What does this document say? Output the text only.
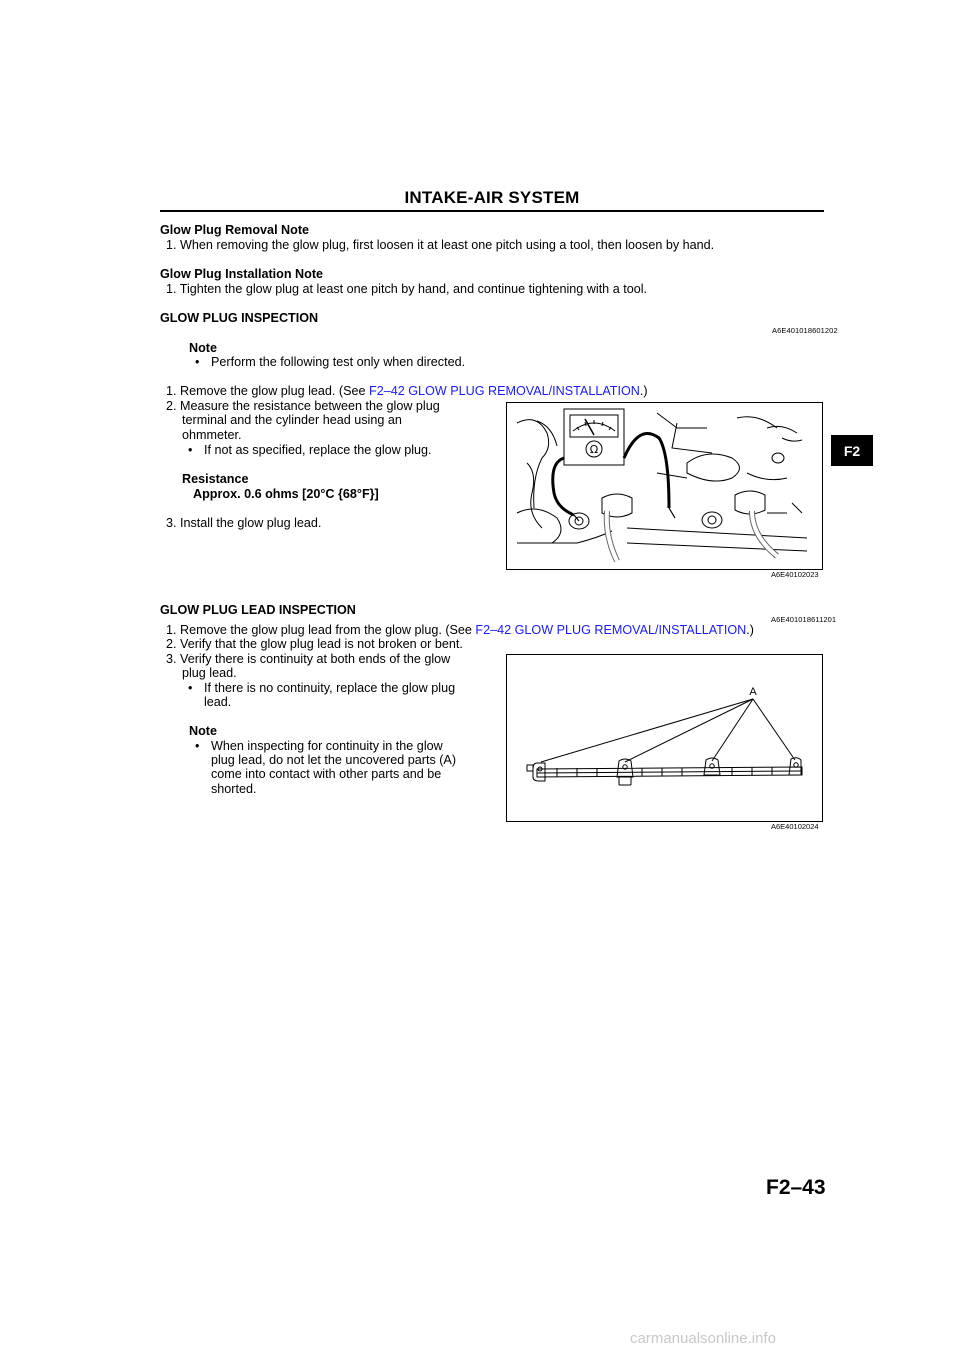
INTAKE-AIR SYSTEM
F2
Glow Plug Removal Note
1. When removing the glow plug, first loosen it at least one pitch using a tool, then loosen by hand.
Glow Plug Installation Note
1. Tighten the glow plug at least one pitch by hand, and continue tightening with a tool.
GLOW PLUG INSPECTION
A6E401018601202
Note
• Perform the following test only when directed.
1. Remove the glow plug lead. (See F2–42 GLOW PLUG REMOVAL/INSTALLATION.)
2. Measure the resistance between the glow plug
terminal and the cylinder head using an
ohmmeter.
• If not as specified, replace the glow plug.
Resistance
Approx. 0.6 ohms [20°C {68°F}]
3. Install the glow plug lead.
Ω
A6E40102023
GLOW PLUG LEAD INSPECTION
A6E401018611201
1. Remove the glow plug lead from the glow plug. (See F2–42 GLOW PLUG REMOVAL/INSTALLATION.)
2. Verify that the glow plug lead is not broken or bent.
3. Verify there is continuity at both ends of the glow
plug lead.
• If there is no continuity, replace the glow plug
lead.
Note
• When inspecting for continuity in the glow
plug lead, do not let the uncovered parts (A)
come into contact with other parts and be
shorted.
A
A6E40102024
F2–43
carmanualsonline.info
